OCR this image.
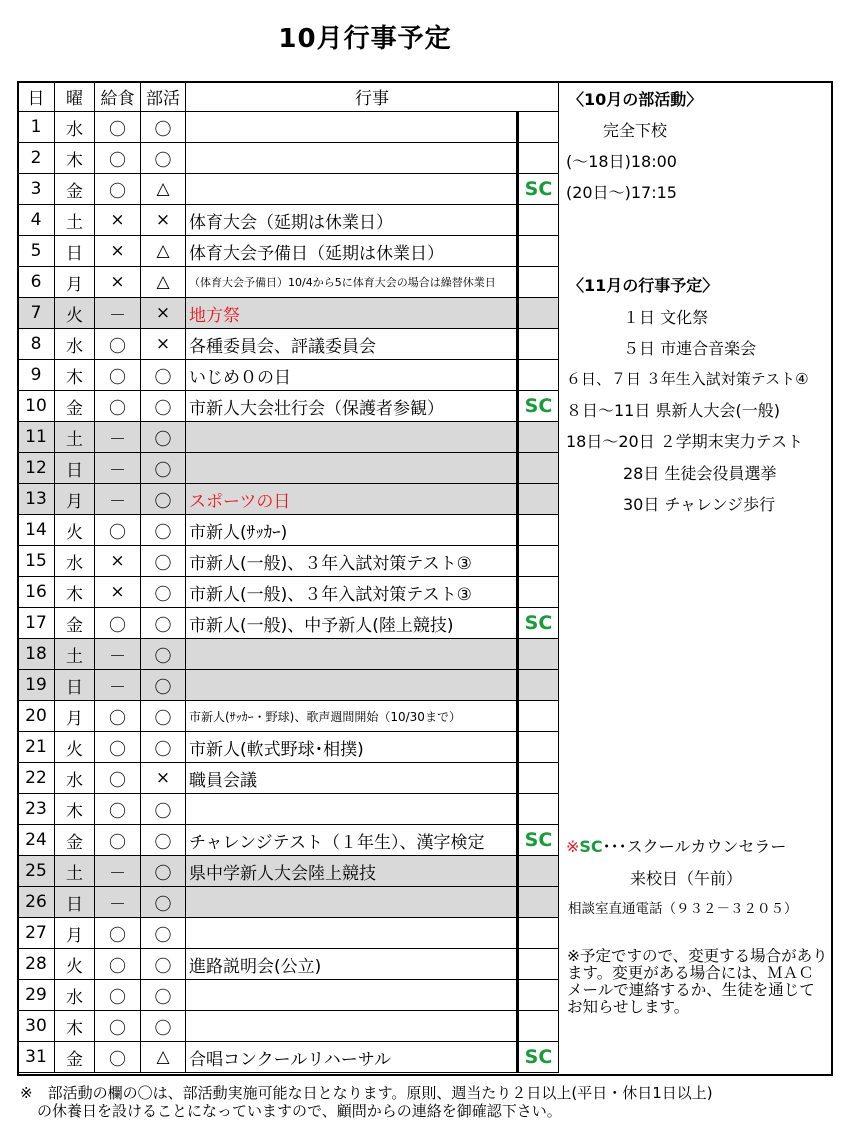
10月行事予定
日	曜	給食	部活	行事	
1	水	〇	〇		
2	木	〇	〇		
3	金	〇	△		SC
4	土	×	×	体育大会（延期は休業日）	
5	日	×	△	体育大会予備日（延期は休業日）	
6	月	×	△	（体育大会予備日）10/4から5に体育大会の場合は繰替休業日	
7	火	－	×	地方祭	
8	水	〇	×	各種委員会、評議委員会	
9	木	〇	〇	いじめ０の日	
10	金	〇	〇	市新人大会壮行会（保護者参観）	SC
11	土	－	〇		
12	日	－	〇		
13	月	－	〇	スポーツの日	
14	火	〇	〇	市新人(ｻｯｶｰ)	
15	水	×	〇	市新人(一般)、３年入試対策テスト③	
16	木	×	〇	市新人(一般)、３年入試対策テスト③	
17	金	〇	〇	市新人(一般)、中予新人(陸上競技)	SC
18	土	－	〇		
19	日	－	〇		
20	月	〇	〇	市新人(ｻｯｶｰ・野球)、歌声週間開始（10/30まで）	
21	火	〇	〇	市新人(軟式野球･相撲)	
22	水	〇	×	職員会議	
23	木	〇	〇		
24	金	〇	〇	チャレンジテスト（１年生）、漢字検定	SC
25	土	－	〇	県中学新人大会陸上競技	
26	日	－	〇		
27	月	〇	〇		
28	火	〇	〇	進路説明会(公立)	
29	水	〇	〇		
30	木	〇	〇		
31	金	〇	△	合唱コンクールリハーサル	SC
〈10月の部活動〉
完全下校
(～18日)18:00
(20日～)17:15
〈11月の行事予定〉
１日 文化祭
５日 市連合音楽会
６日、７日 ３年生入試対策テスト④
８日～11日 県新人大会(一般)
18日～20日 ２学期末実力テスト
28日 生徒会役員選挙
30日 チャレンジ歩行
※SC･･･スクールカウンセラー
来校日（午前）
相談室直通電話（９３２－３２０５）
※予定ですので、変更する場合があります。変更がある場合には、ＭＡＣメールで連絡するか、生徒を通じてお知らせします。
※　部活動の欄の〇は、部活動実施可能な日となります。原則、週当たり２日以上(平日・休日1日以上)
の休養日を設けることになっていますので、顧問からの連絡を御確認下さい。
